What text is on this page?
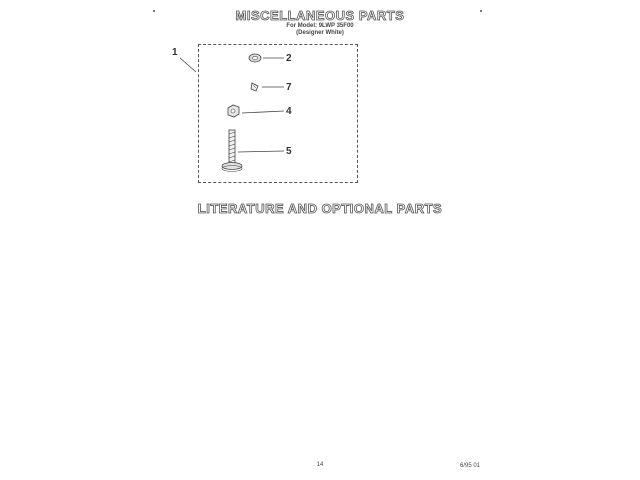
MISCELLANEOUS PARTS
For Model: 9LWP 35F00
(Designer White)
1
2
7
4
5
LITERATURE AND OPTIONAL PARTS
14	6/95 01
